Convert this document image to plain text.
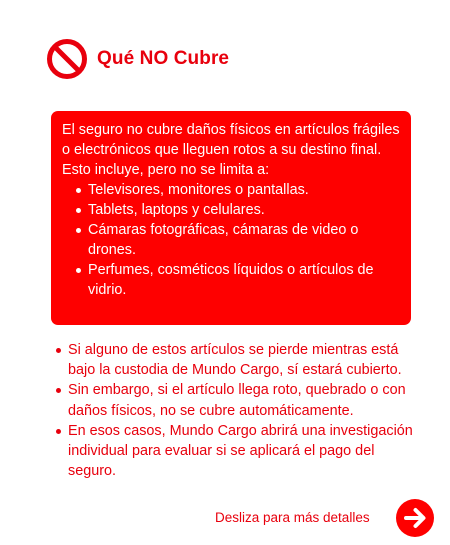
Qué NO Cubre

El seguro no cubre daños físicos en artículos frágiles o electrónicos que lleguen rotos a su destino final.

Esto incluye, pero no se limita a:

Televisores, monitores o pantallas.
Tablets, laptops y celulares.
Cámaras fotográficas, cámaras de video o drones.
Perfumes, cosméticos líquidos o artículos de vidrio.
Si alguno de estos artículos se pierde mientras está bajo la custodia de Mundo Cargo, sí estará cubierto.
Sin embargo, si el artículo llega roto, quebrado o con daños físicos, no se cubre automáticamente.
En esos casos, Mundo Cargo abrirá una investigación individual para evaluar si se aplicará el pago del seguro.
Desliza para más detalles
